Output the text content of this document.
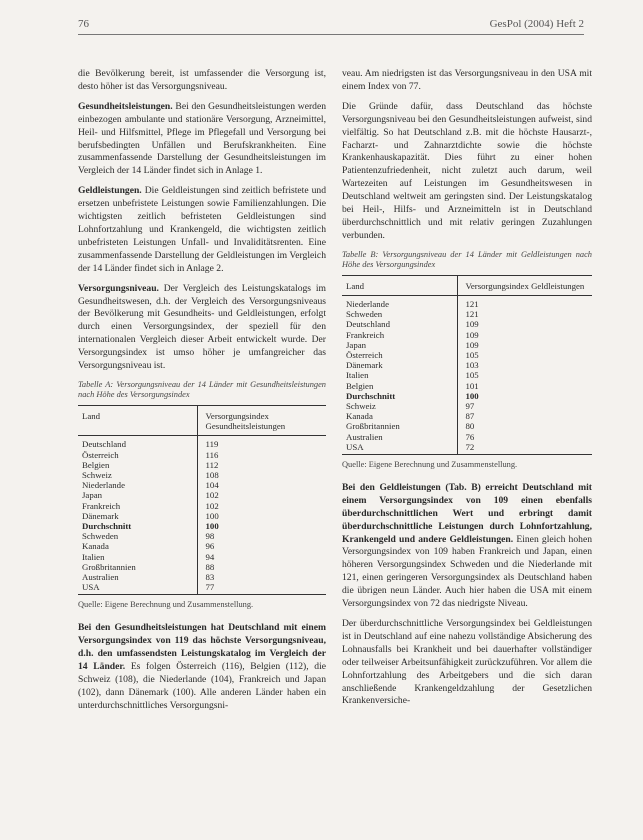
76	GesPol (2004) Heft 2

die Bevölkerung bereit, ist umfassender die Versorgung ist, desto höher ist das Versorgungsniveau.

Gesundheitsleistungen. Bei den Gesundheitsleistungen werden einbezogen ambulante und stationäre Versorgung, Arzneimittel, Heil- und Hilfsmittel, Pflege im Pflegefall und Versorgung bei berufsbedingten Unfällen und Berufskrankheiten. Eine zusammenfassende Darstellung der Gesundheitsleistungen im Vergleich der 14 Länder findet sich in Anlage 1.

Geldleistungen. Die Geldleistungen sind zeitlich befristete und ersetzen unbefristete Leistungen sowie Familienzahlungen. Die wichtigsten zeitlich befristeten Geldleistungen sind Lohnfortzahlung und Krankengeld, die wichtigsten zeitlich unbefristeten Leistungen Unfall- und Invaliditätsrenten. Eine zusammenfassende Darstellung der Geldleistungen im Vergleich der 14 Länder findet sich in Anlage 2.

Versorgungsniveau. Der Vergleich des Leistungskatalogs im Gesundheitswesen, d.h. der Vergleich des Versorgungsniveaus der Bevölkerung mit Gesundheits- und Geldleistungen, erfolgt durch einen Versorgungsindex, der speziell für den internationalen Vergleich dieser Arbeit entwickelt wurde. Der Versorgungsindex ist umso höher je umfangreicher das Versorgungsniveau ist.

Tabelle A: Versorgungsniveau der 14 Länder mit Gesundheitsleistungen nach Höhe des Versorgungsindex
Land	Versorgungsindex Gesundheitsleistungen
Deutschland	119
Österreich	116
Belgien	112
Schweiz	108
Niederlande	104
Japan	102
Frankreich	102
Dänemark	100
Durchschnitt	100
Schweden	98
Kanada	96
Italien	94
Großbritannien	88
Australien	83
USA	77
Quelle: Eigene Berechnung und Zusammenstellung.

Bei den Gesundheitsleistungen hat Deutschland mit einem Versorgungsindex von 119 das höchste Versorgungsniveau, d.h. den umfassendsten Leistungskatalog im Vergleich der 14 Länder. Es folgen Österreich (116), Belgien (112), die Schweiz (108), die Niederlande (104), Frankreich und Japan (102), dann Dänemark (100). Alle anderen Länder haben ein unterdurchschnittliches Versorgungsni-

veau. Am niedrigsten ist das Versorgungsniveau in den USA mit einem Index von 77.

Die Gründe dafür, dass Deutschland das höchste Versorgungsniveau bei den Gesundheitsleistungen aufweist, sind vielfältig. So hat Deutschland z.B. mit die höchste Hausarzt-, Facharzt- und Zahnarztdichte sowie die höchste Krankenhauskapazität. Dies führt zu einer hohen Patientenzufriedenheit, nicht zuletzt auch darum, weil Wartezeiten auf Leistungen im Gesundheitswesen in Deutschland weltweit am geringsten sind. Der Leistungskatalog bei Heil-, Hilfs- und Arzneimitteln ist in Deutschland überdurchschnittlich und mit relativ geringen Zuzahlungen verbunden.

Tabelle B: Versorgungsniveau der 14 Länder mit Geldleistungen nach Höhe des Versorgungsindex
Land	Versorgungsindex Geldleistungen
Niederlande	121
Schweden	121
Deutschland	109
Frankreich	109
Japan	109
Österreich	105
Dänemark	103
Italien	105
Belgien	101
Durchschnitt	100
Schweiz	97
Kanada	87
Großbritannien	80
Australien	76
USA	72
Quelle: Eigene Berechnung und Zusammenstellung.

Bei den Geldleistungen (Tab. B) erreicht Deutschland mit einem Versorgungsindex von 109 einen ebenfalls überdurchschnittlichen Wert und erbringt damit überdurchschnittliche Leistungen durch Lohnfortzahlung, Krankengeld und andere Geldleistungen. Einen gleich hohen Versorgungsindex von 109 haben Frankreich und Japan, einen höheren Versorgungsindex Schweden und die Niederlande mit 121, einen geringeren Versorgungsindex als Deutschland haben die übrigen neun Länder. Auch hier haben die USA mit einem Versorgungsindex von 72 das niedrigste Niveau.

Der überdurchschnittliche Versorgungsindex bei Geldleistungen ist in Deutschland auf eine nahezu vollständige Absicherung des Lohnausfalls bei Krankheit und bei dauerhafter vollständiger oder teilweiser Arbeitsunfähigkeit zurückzuführen. Vor allem die Lohnfortzahlung des Arbeitgebers und die sich daran anschließende Krankengeldzahlung der Gesetzlichen Krankenversiche-
